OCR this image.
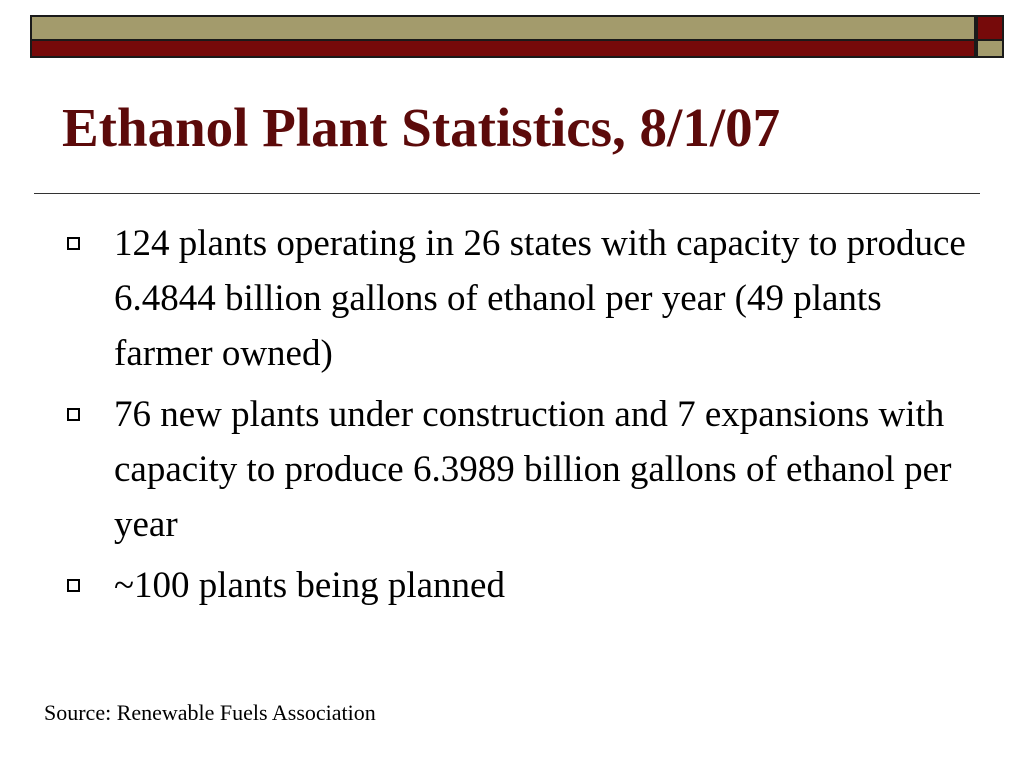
Ethanol Plant Statistics, 8/1/07
124 plants operating in 26 states with capacity to produce 6.4844 billion gallons of ethanol per year (49 plants farmer owned)
76 new plants under construction and 7 expansions with capacity to produce 6.3989 billion gallons of ethanol per year
~100 plants being planned
Source: Renewable Fuels Association
